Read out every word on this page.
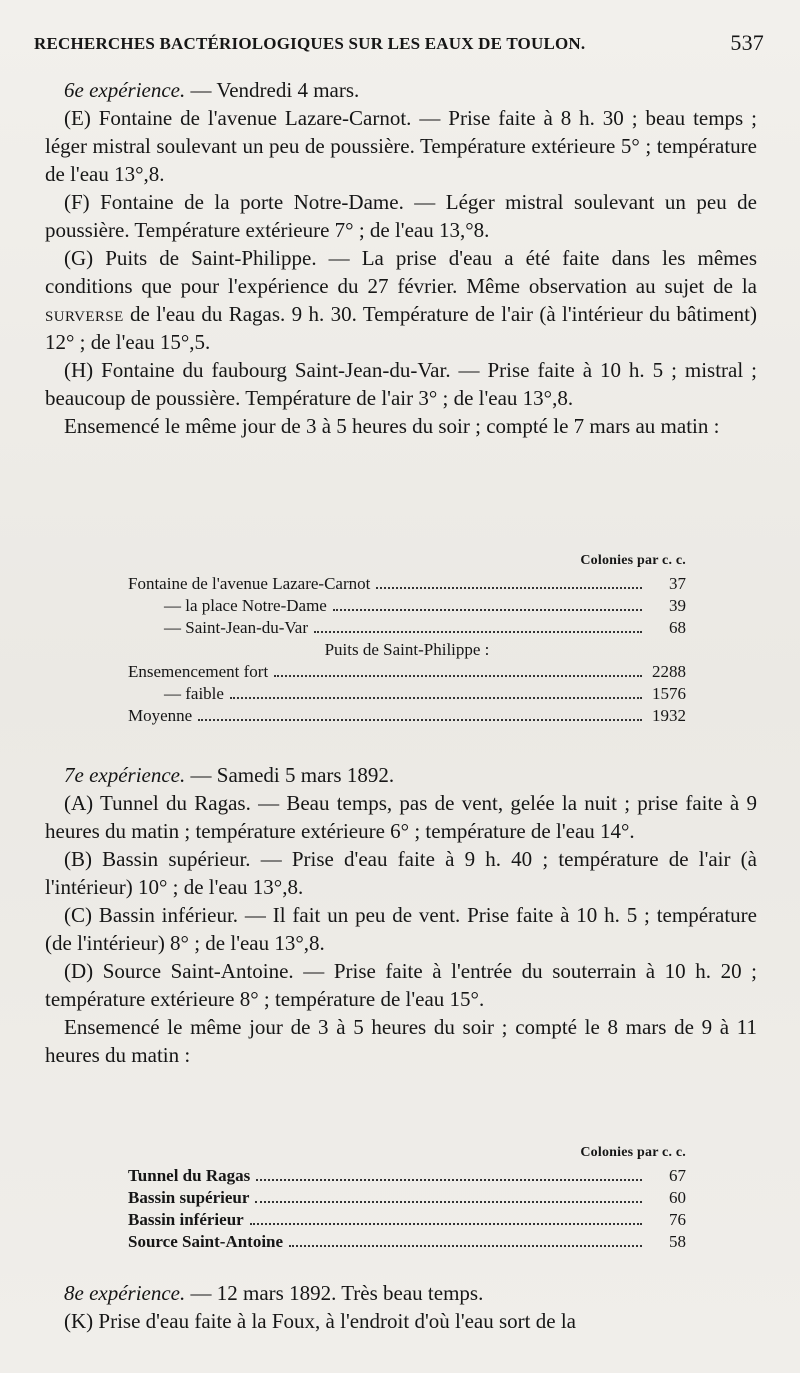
RECHERCHES BACTÉRIOLOGIQUES SUR LES EAUX DE TOULON.	537

6e expérience. — Vendredi 4 mars.

(E) Fontaine de l'avenue Lazare-Carnot. — Prise faite à 8 h. 30 ; beau temps ; léger mistral soulevant un peu de poussière. Température extérieure 5° ; température de l'eau 13°,8.

(F) Fontaine de la porte Notre-Dame. — Léger mistral soulevant un peu de poussière. Température extérieure 7° ; de l'eau 13,°8.

(G) Puits de Saint-Philippe. — La prise d'eau a été faite dans les mêmes conditions que pour l'expérience du 27 février. Même observation au sujet de la surverse de l'eau du Ragas. 9 h. 30. Température de l'air (à l'intérieur du bâtiment) 12° ; de l'eau 15°,5.

(H) Fontaine du faubourg Saint-Jean-du-Var. — Prise faite à 10 h. 5 ; mistral ; beaucoup de poussière. Température de l'air 3° ; de l'eau 13°,8.

Ensemencé le même jour de 3 à 5 heures du soir ; compté le 7 mars au matin :

Colonies par c. c.
Fontaine de l'avenue Lazare-Carnot	37
— la place Notre-Dame	39
— Saint-Jean-du-Var	68
Puits de Saint-Philippe :
Ensemencement fort	2288
— faible	1576
Moyenne	1932

7e expérience. — Samedi 5 mars 1892.

(A) Tunnel du Ragas. — Beau temps, pas de vent, gelée la nuit ; prise faite à 9 heures du matin ; température extérieure 6° ; température de l'eau 14°.

(B) Bassin supérieur. — Prise d'eau faite à 9 h. 40 ; température de l'air (à l'intérieur) 10° ; de l'eau 13°,8.

(C) Bassin inférieur. — Il fait un peu de vent. Prise faite à 10 h. 5 ; température (de l'intérieur) 8° ; de l'eau 13°,8.

(D) Source Saint-Antoine. — Prise faite à l'entrée du souterrain à 10 h. 20 ; température extérieure 8° ; température de l'eau 15°.

Ensemencé le même jour de 3 à 5 heures du soir ; compté le 8 mars de 9 à 11 heures du matin :

Colonies par c. c.
Tunnel du Ragas	67
Bassin supérieur	60
Bassin inférieur	76
Source Saint-Antoine	58

8e expérience. — 12 mars 1892. Très beau temps.

(K) Prise d'eau faite à la Foux, à l'endroit d'où l'eau sort de la
